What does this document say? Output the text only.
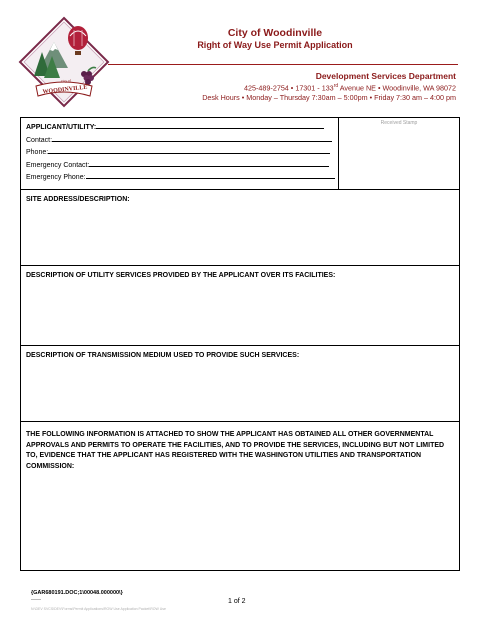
WOODINVILLE
City of
City of Woodinville
Right of Way Use Permit Application
Development Services Department
425-489-2754 • 17301 - 133rd Avenue NE • Woodinville, WA 98072
Desk Hours • Monday – Thursday 7:30am – 5:00pm • Friday 7:30 am – 4:00 pm
APPLICANT/UTILITY:
Contact:
Phone:
Emergency Contact:
Emergency Phone:
Received Stamp
SITE ADDRESS/DESCRIPTION:
DESCRIPTION OF UTILITY SERVICES PROVIDED BY THE APPLICANT OVER ITS FACILITIES:
DESCRIPTION OF TRANSMISSION MEDIUM USED TO PROVIDE SUCH SERVICES:
THE FOLLOWING INFORMATION IS ATTACHED TO SHOW THE APPLICANT HAS OBTAINED ALL OTHER GOVERNMENTAL APPROVALS AND PERMITS TO OPERATE THE FACILITIES, AND TO PROVIDE THE SERVICES, INCLUDING BUT NOT LIMITED TO, EVIDENCE THAT THE APPLICANT HAS REGISTERED WITH THE WASHINGTON UTILITIES AND TRANSPORTATION COMMISSION:
{GAR680191.DOC;1\00048.000000\}
1 of 2
N:\DEV SVCS\DEV\Forms\Permit Applications\ROW Use Application Packet\ROW Use
